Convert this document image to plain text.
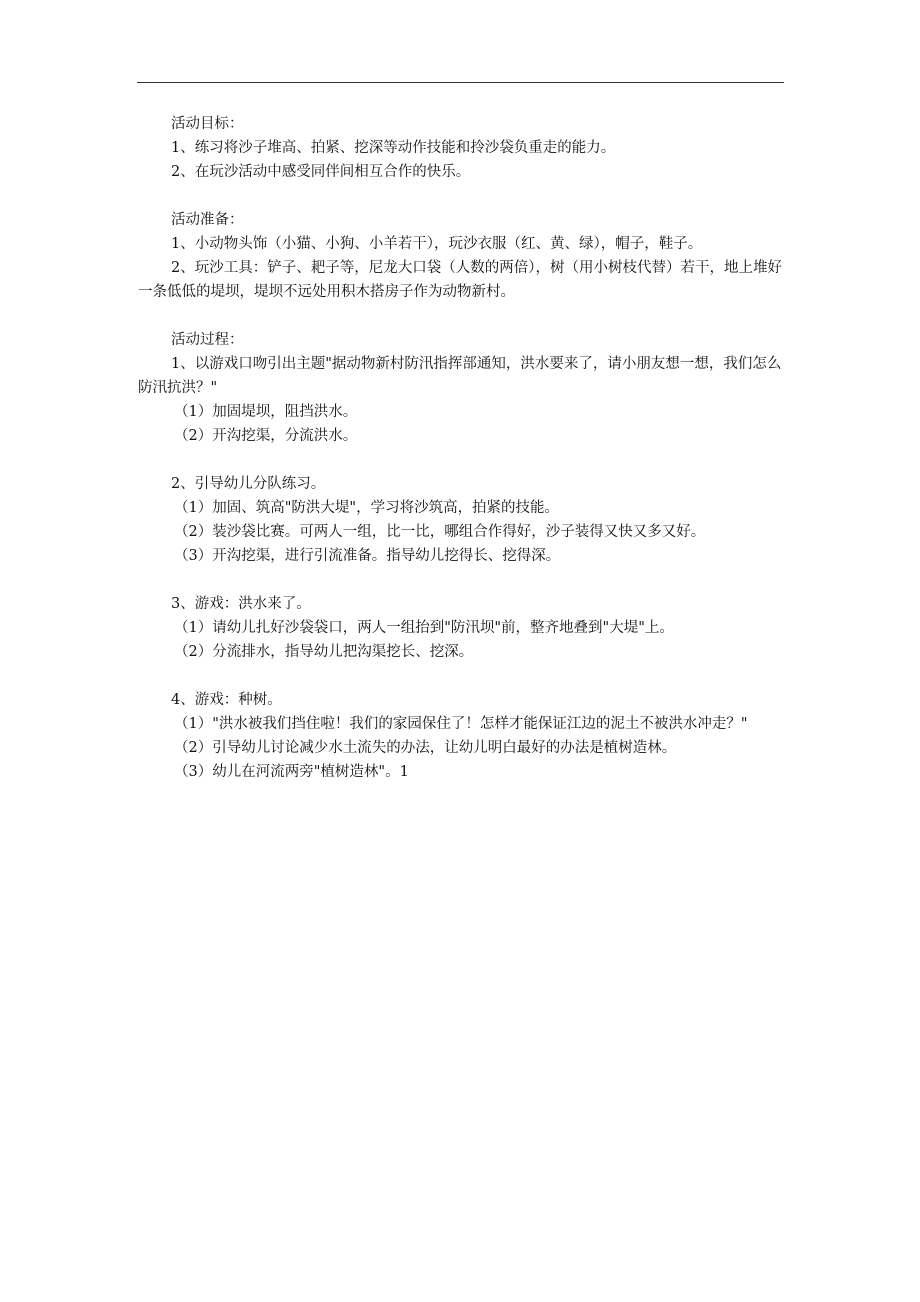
活动目标：

1、练习将沙子堆高、拍紧、挖深等动作技能和拎沙袋负重走的能力。

2、在玩沙活动中感受同伴间相互合作的快乐。

活动准备：

1、小动物头饰（小猫、小狗、小羊若干），玩沙衣服（红、黄、绿），帽子，鞋子。

2、玩沙工具：铲子、耙子等，尼龙大口袋（人数的两倍），树（用小树枝代替）若干，地上堆好一条低低的堤坝，堤坝不远处用积木搭房子作为动物新村。

活动过程：

1、以游戏口吻引出主题"据动物新村防汛指挥部通知，洪水要来了，请小朋友想一想，我们怎么防汛抗洪？"

（1）加固堤坝，阻挡洪水。

（2）开沟挖渠，分流洪水。

2、引导幼儿分队练习。

（1）加固、筑高"防洪大堤"，学习将沙筑高，拍紧的技能。

（2）装沙袋比赛。可两人一组，比一比，哪组合作得好，沙子装得又快又多又好。

（3）开沟挖渠，进行引流准备。指导幼儿挖得长、挖得深。

3、游戏：洪水来了。

（1）请幼儿扎好沙袋袋口，两人一组抬到"防汛坝"前，整齐地叠到"大堤"上。

（2）分流排水，指导幼儿把沟渠挖长、挖深。

4、游戏：种树。

（1）"洪水被我们挡住啦！我们的家园保住了！怎样才能保证江边的泥土不被洪水冲走？"

（2）引导幼儿讨论减少水土流失的办法，让幼儿明白最好的办法是植树造林。

（3）幼儿在河流两旁"植树造林"。1
